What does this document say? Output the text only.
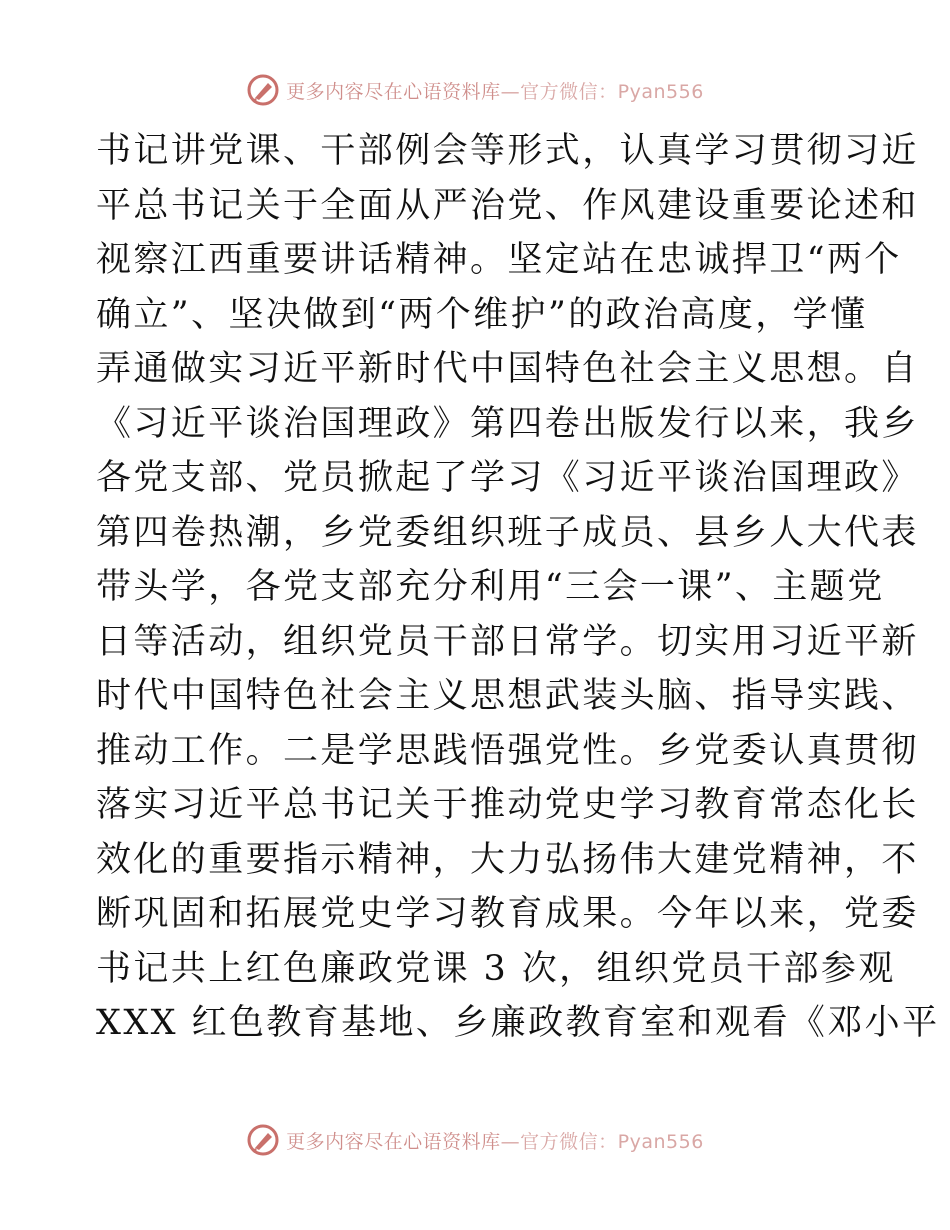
更多内容尽在心语资料库—官方微信：Pyan556
书记讲党课、干部例会等形式，认真学习贯彻习近
平总书记关于全面从严治党、作风建设重要论述和
视察江西重要讲话精神。坚定站在忠诚捍卫“两个
确立”、坚决做到“两个维护”的政治高度，学懂
弄通做实习近平新时代中国特色社会主义思想。自
《习近平谈治国理政》第四卷出版发行以来，我乡
各党支部、党员掀起了学习《习近平谈治国理政》
第四卷热潮，乡党委组织班子成员、县乡人大代表
带头学，各党支部充分利用“三会一课”、主题党
日等活动，组织党员干部日常学。切实用习近平新
时代中国特色社会主义思想武装头脑、指导实践、
推动工作。二是学思践悟强党性。乡党委认真贯彻
落实习近平总书记关于推动党史学习教育常态化长
效化的重要指示精神，大力弘扬伟大建党精神，不
断巩固和拓展党史学习教育成果。今年以来，党委
书记共上红色廉政党课 3 次，组织党员干部参观
XXX 红色教育基地、乡廉政教育室和观看《邓小平
更多内容尽在心语资料库—官方微信：Pyan556
